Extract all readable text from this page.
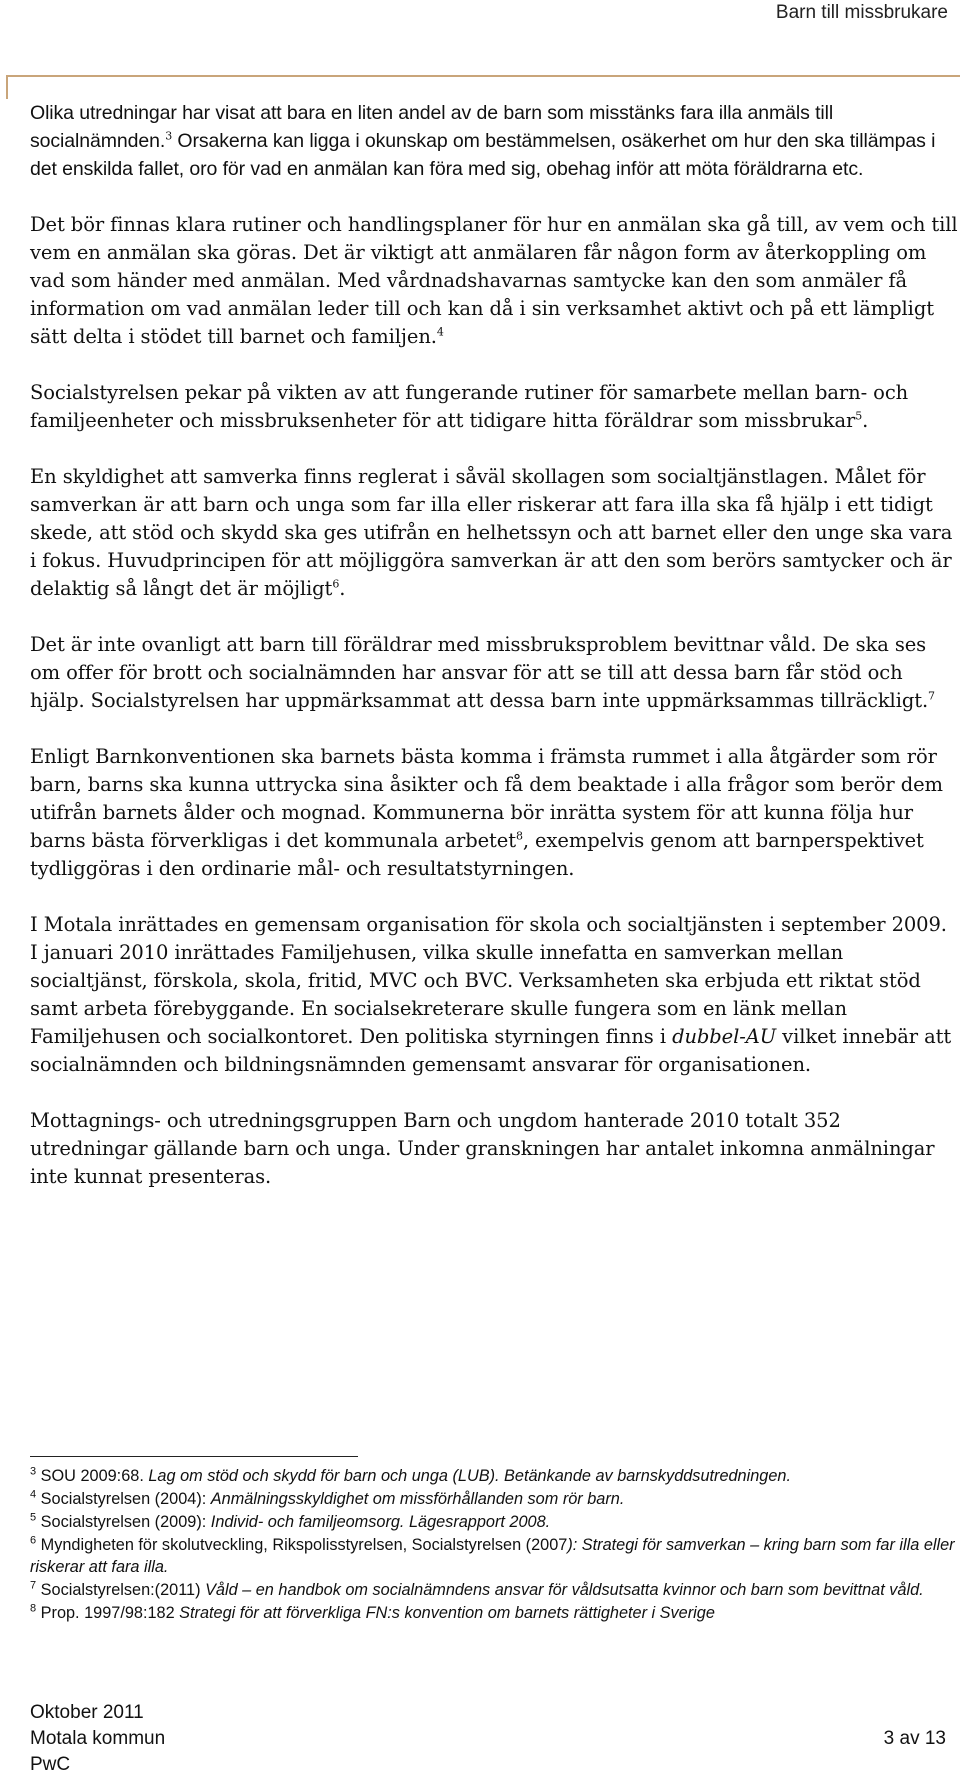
Barn till missbrukare

Olika utredningar har visat att bara en liten andel av de barn som misstänks fara illa anmäls till socialnämnden.$^3$ Orsakerna kan ligga i okunskap om bestämmelsen, osäkerhet om hur den ska tillämpas i det enskilda fallet, oro för vad en anmälan kan föra med sig, obehag inför att möta föräldrarna etc.

Det bör finnas klara rutiner och handlingsplaner för hur en anmälan ska gå till, av vem och till vem en anmälan ska göras. Det är viktigt att anmälaren får någon form av återkoppling om vad som händer med anmälan. Med vårdnadshavarnas samtycke kan den som anmäler få information om vad anmälan leder till och kan då i sin verksamhet aktivt och på ett lämpligt sätt delta i stödet till barnet och familjen.$^4$

Socialstyrelsen pekar på vikten av att fungerande rutiner för samarbete mellan barn- och familjeenheter och missbruksenheter för att tidigare hitta föräldrar som missbrukar$^5$.

En skyldighet att samverka finns reglerat i såväl skollagen som socialtjänstlagen. Målet för samverkan är att barn och unga som far illa eller riskerar att fara illa ska få hjälp i ett tidigt skede, att stöd och skydd ska ges utifrån en helhetssyn och att barnet eller den unge ska vara i fokus. Huvudprincipen för att möjliggöra samverkan är att den som berörs samtycker och är delaktig så långt det är möjligt$^6$.

Det är inte ovanligt att barn till föräldrar med missbruksproblem bevittnar våld. De ska ses om offer för brott och socialnämnden har ansvar för att se till att dessa barn får stöd och hjälp. Socialstyrelsen har uppmärksammat att dessa barn inte uppmärksammas tillräckligt.$^7$

Enligt Barnkonventionen ska barnets bästa komma i främsta rummet i alla åtgärder som rör barn, barns ska kunna uttrycka sina åsikter och få dem beaktade i alla frågor som berör dem utifrån barnets ålder och mognad. Kommunerna bör inrätta system för att kunna följa hur barns bästa förverkligas i det kommunala arbetet$^8$, exempelvis genom att barnperspektivet tydliggöras i den ordinarie mål- och resultatstyrningen.

I Motala inrättades en gemensam organisation för skola och socialtjänsten i september 2009. I januari 2010 inrättades Familjehusen, vilka skulle innefatta en samverkan mellan socialtjänst, förskola, skola, fritid, MVC och BVC. Verksamheten ska erbjuda ett riktat stöd samt arbeta förebyggande. En socialsekreterare skulle fungera som en länk mellan Familjehusen och socialkontoret. Den politiska styrningen finns i dubbel-AU vilket innebär att socialnämnden och bildningsnämnden gemensamt ansvarar för organisationen.

Mottagnings- och utredningsgruppen Barn och ungdom hanterade 2010 totalt 352 utredningar gällande barn och unga. Under granskningen har antalet inkomna anmälningar inte kunnat presenteras.

$^3$ SOU 2009:68. Lag om stöd och skydd för barn och unga (LUB). Betänkande av barnskyddsutredningen.
$^4$ Socialstyrelsen (2004): Anmälningsskyldighet om missförhållanden som rör barn.
$^5$ Socialstyrelsen (2009): Individ- och familjeomsorg. Lägesrapport 2008.
$^6$ Myndigheten för skolutveckling, Rikspolisstyrelsen, Socialstyrelsen (2007): Strategi för samverkan – kring barn som far illa eller riskerar att fara illa.
$^7$ Socialstyrelsen:(2011) Våld – en handbok om socialnämndens ansvar för våldsutsatta kvinnor och barn som bevittnat våld.
$^8$ Prop. 1997/98:182 Strategi för att förverkliga FN:s konvention om barnets rättigheter i Sverige
Oktober 2011
Motala kommun
PwC
3 av 13
